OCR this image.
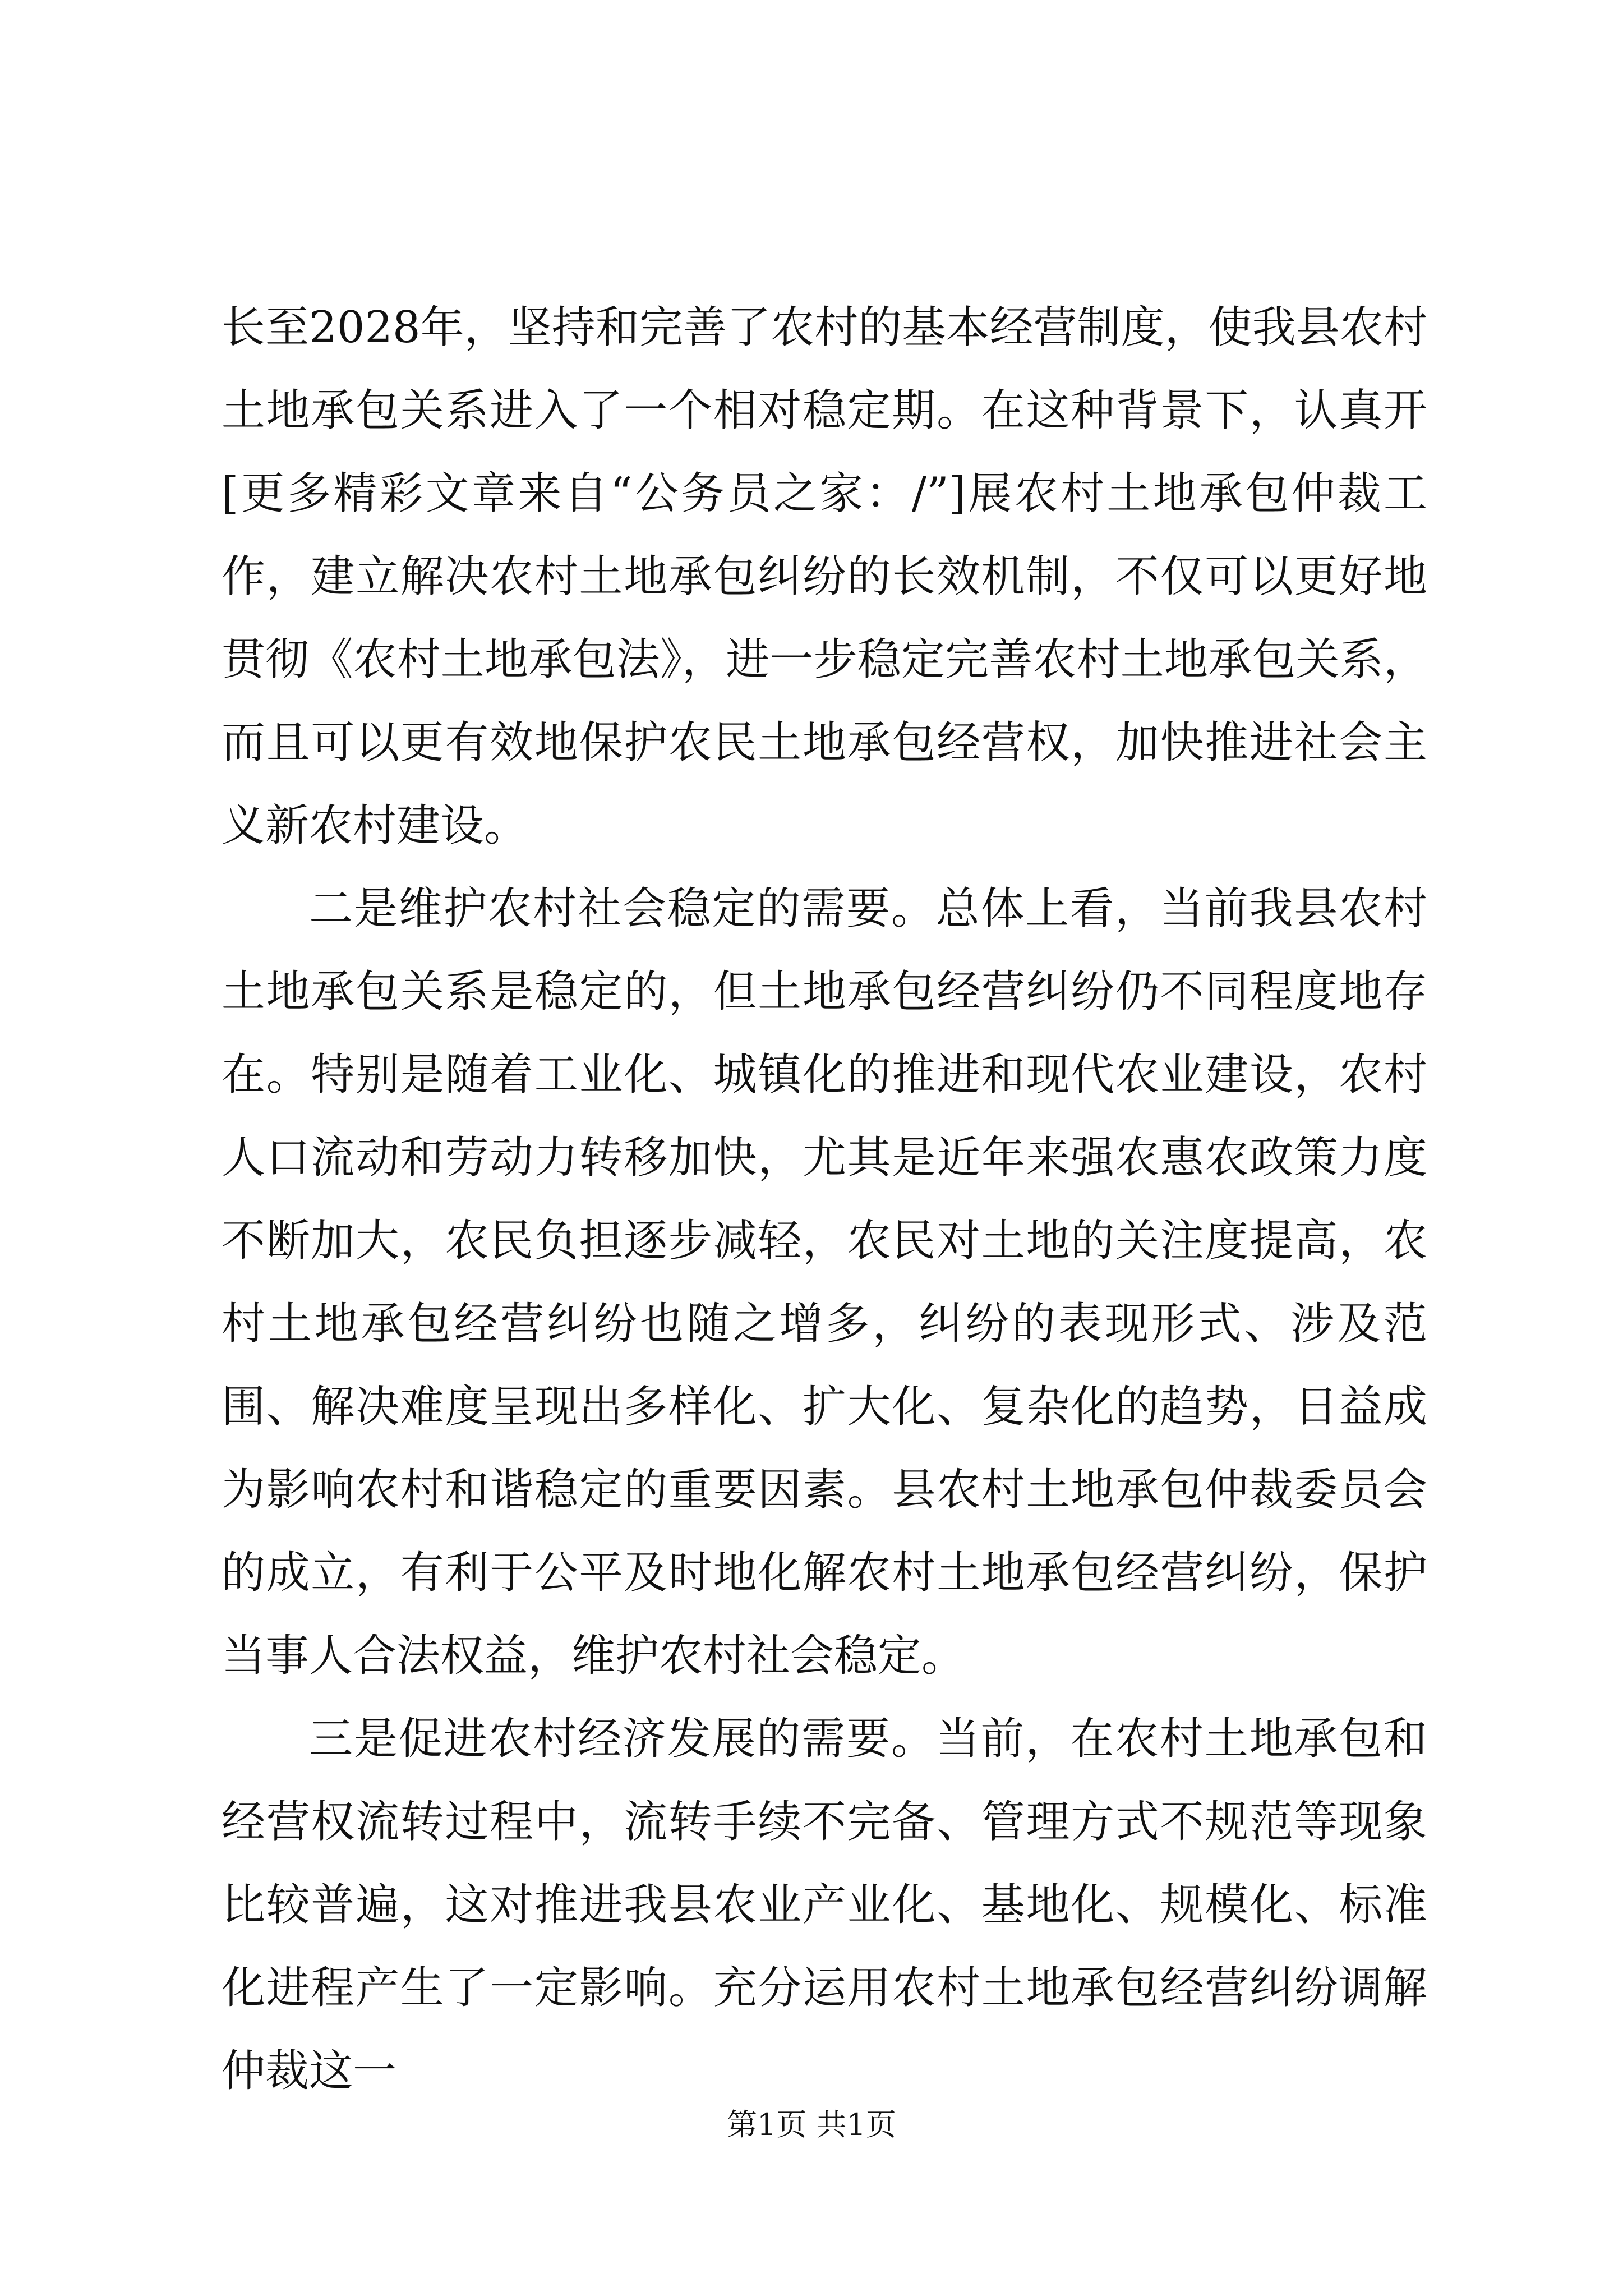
长至2028年，坚持和完善了农村的基本经营制度，使我县农村土地承包关系进入了一个相对稳定期。在这种背景下，认真开[更多精彩文章来自“公务员之家：/”]展农村土地承包仲裁工作，建立解决农村土地承包纠纷的长效机制，不仅可以更好地贯彻《农村土地承包法》，进一步稳定完善农村土地承包关系，而且可以更有效地保护农民土地承包经营权，加快推进社会主义新农村建设。

二是维护农村社会稳定的需要。总体上看，当前我县农村土地承包关系是稳定的，但土地承包经营纠纷仍不同程度地存在。特别是随着工业化、城镇化的推进和现代农业建设，农村人口流动和劳动力转移加快，尤其是近年来强农惠农政策力度不断加大，农民负担逐步减轻，农民对土地的关注度提高，农村土地承包经营纠纷也随之增多，纠纷的表现形式、涉及范围、解决难度呈现出多样化、扩大化、复杂化的趋势，日益成为影响农村和谐稳定的重要因素。县农村土地承包仲裁委员会的成立，有利于公平及时地化解农村土地承包经营纠纷，保护当事人合法权益，维护农村社会稳定。

三是促进农村经济发展的需要。当前，在农村土地承包和经营权流转过程中，流转手续不完备、管理方式不规范等现象比较普遍，这对推进我县农业产业化、基地化、规模化、标准化进程产生了一定影响。充分运用农村土地承包经营纠纷调解仲裁这一

第1页 共1页
